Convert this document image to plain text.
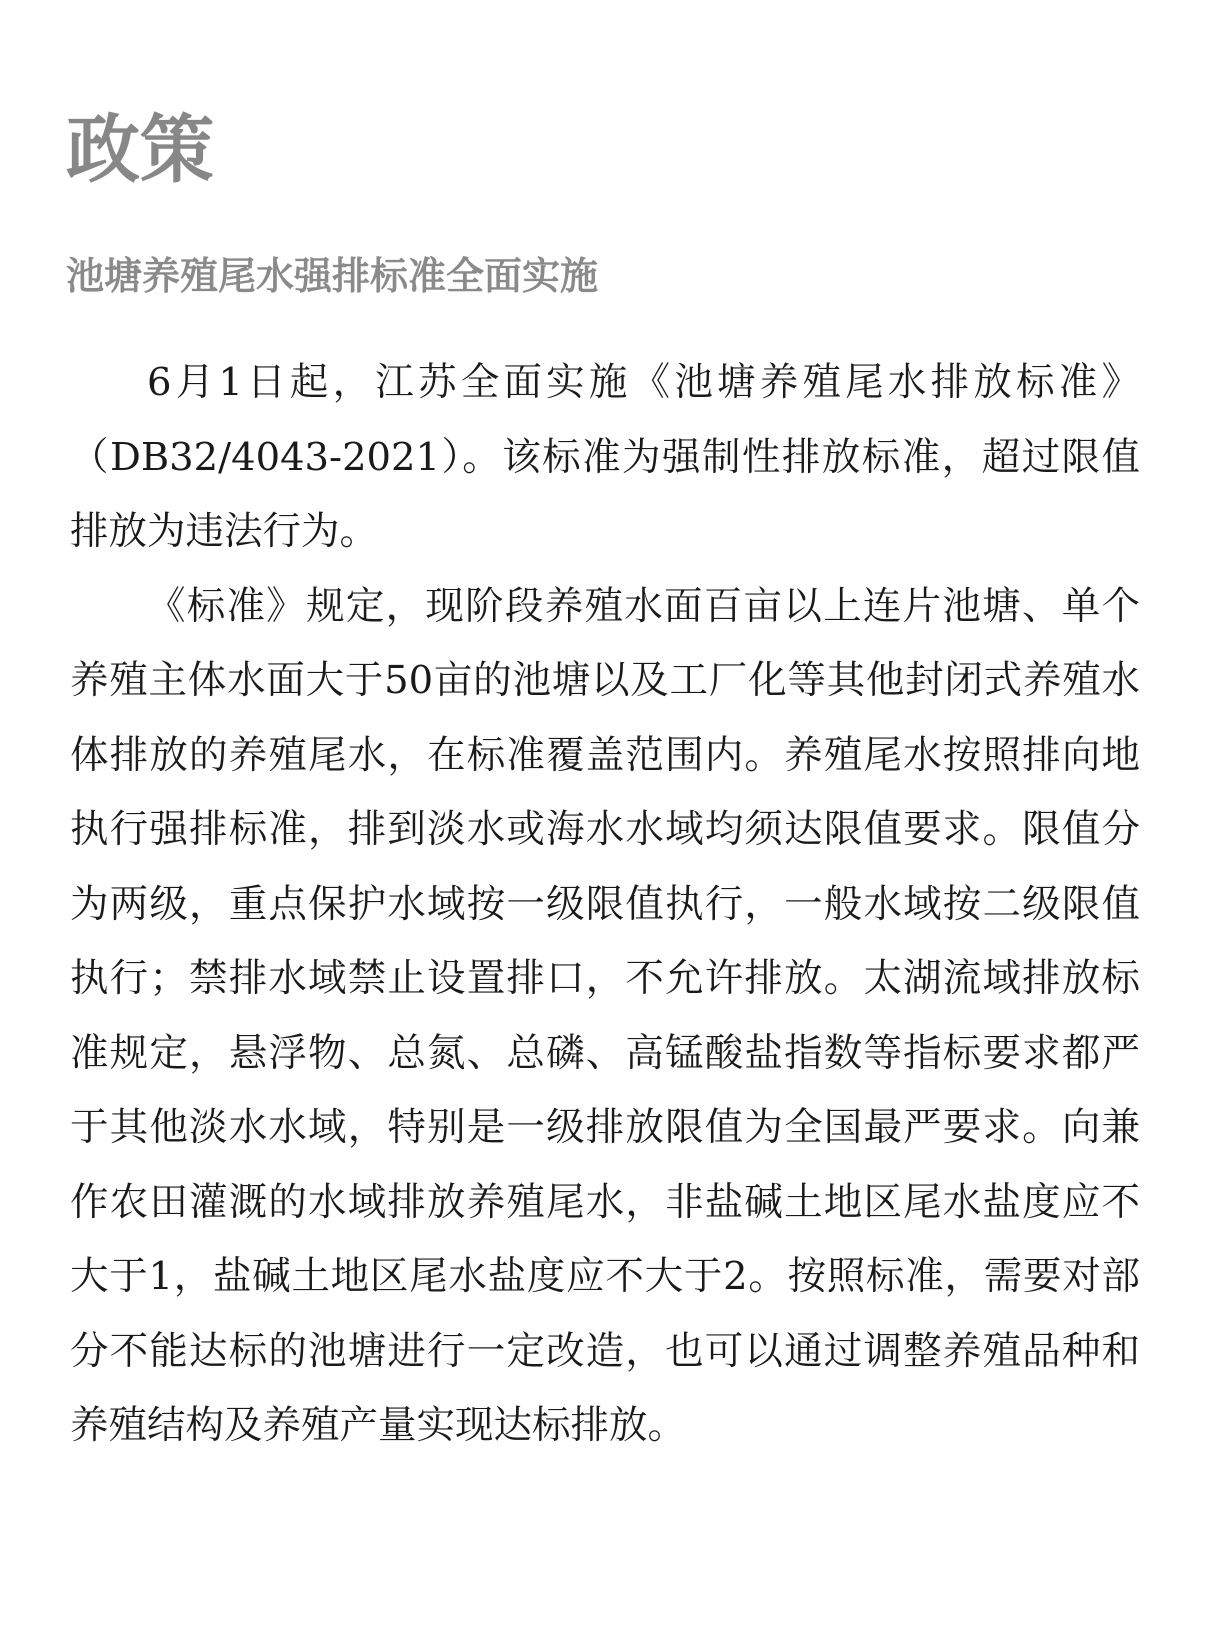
政策
池塘养殖尾水强排标准全面实施

6月1日起，江苏全面实施《池塘养殖尾水排放标准》（DB32/4043-2021）。该标准为强制性排放标准，超过限值排放为违法行为。

《标准》规定，现阶段养殖水面百亩以上连片池塘、单个养殖主体水面大于50亩的池塘以及工厂化等其他封闭式养殖水体排放的养殖尾水，在标准覆盖范围内。养殖尾水按照排向地执行强排标准，排到淡水或海水水域均须达限值要求。限值分为两级，重点保护水域按一级限值执行，一般水域按二级限值执行；禁排水域禁止设置排口，不允许排放。太湖流域排放标准规定，悬浮物、总氮、总磷、高锰酸盐指数等指标要求都严于其他淡水水域，特别是一级排放限值为全国最严要求。向兼作农田灌溉的水域排放养殖尾水，非盐碱土地区尾水盐度应不大于1，盐碱土地区尾水盐度应不大于2。按照标准，需要对部分不能达标的池塘进行一定改造，也可以通过调整养殖品种和养殖结构及养殖产量实现达标排放。
